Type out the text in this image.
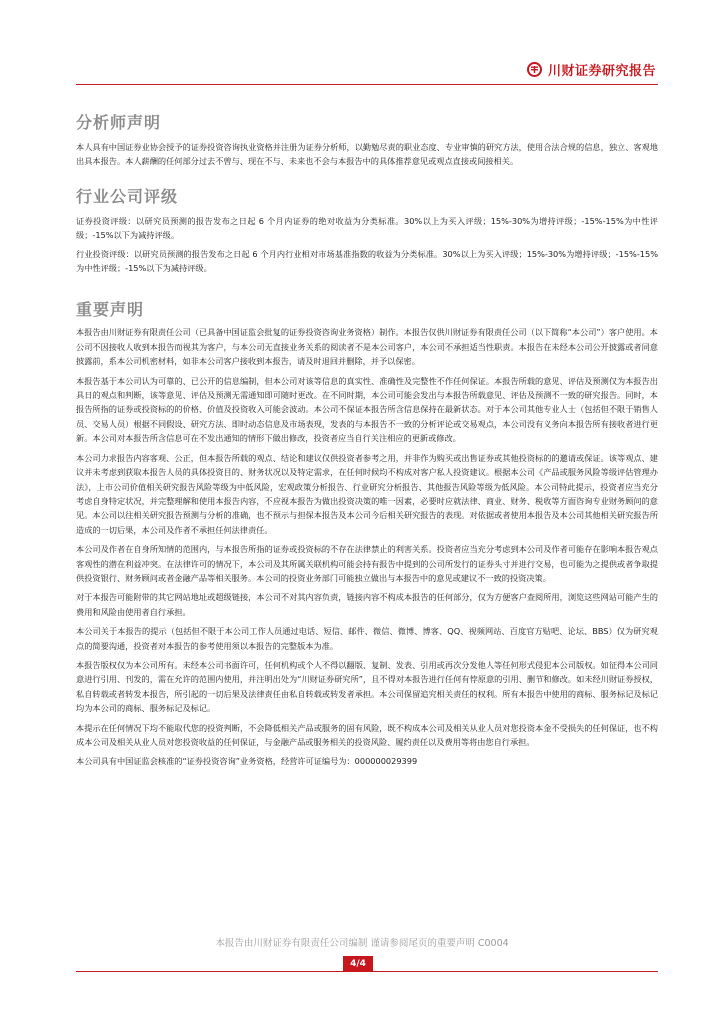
川财证券研究报告
分析师声明

本人具有中国证券业协会授予的证券投资咨询执业资格并注册为证券分析师，以勤勉尽责的职业态度、专业审慎的研究方法，使用合法合规的信息，独立、客观地出具本报告。本人薪酬的任何部分过去不曾与、现在不与、未来也不会与本报告中的具体推荐意见或观点直接或间接相关。

行业公司评级

证券投资评级：以研究员预测的报告发布之日起 6 个月内证券的绝对收益为分类标准。30%以上为买入评级；15%-30%为增持评级；-15%-15%为中性评级；-15%以下为减持评级。

行业投资评级：以研究员预测的报告发布之日起 6 个月内行业相对市场基准指数的收益为分类标准。30%以上为买入评级；15%-30%为增持评级；-15%-15%为中性评级；-15%以下为减持评级。

重要声明

本报告由川财证券有限责任公司（已具备中国证监会批复的证券投资咨询业务资格）制作。本报告仅供川财证券有限责任公司（以下简称“本公司”）客户使用。本公司不因接收人收到本报告而视其为客户，与本公司无直接业务关系的阅读者不是本公司客户，本公司不承担适当性职责。本报告在未经本公司公开披露或者同意披露前，系本公司机密材料，如非本公司客户接收到本报告，请及时退回并删除，并予以保密。

本报告基于本公司认为可靠的、已公开的信息编制，但本公司对该等信息的真实性、准确性及完整性不作任何保证。本报告所载的意见、评估及预测仅为本报告出具日的观点和判断，该等意见、评估及预测无需通知即可随时更改。在不同时期，本公司可能会发出与本报告所载意见、评估及预测不一致的研究报告。同时，本报告所指的证券或投资标的的价格、价值及投资收入可能会波动。本公司不保证本报告所含信息保持在最新状态。对于本公司其他专业人士（包括但不限于销售人员、交易人员）根据不同假设、研究方法、即时动态信息及市场表现，发表的与本报告不一致的分析评论或交易观点，本公司没有义务向本报告所有接收者进行更新。本公司对本报告所含信息可在不发出通知的情形下做出修改，投资者应当自行关注相应的更新或修改。

本公司力求报告内容客观、公正，但本报告所载的观点、结论和建议仅供投资者参考之用，并非作为购买或出售证券或其他投资标的的邀请或保证。该等观点、建议并未考虑到获取本报告人员的具体投资目的、财务状况以及特定需求，在任何时候均不构成对客户私人投资建议。根据本公司《产品或服务风险等级评估管理办法》，上市公司价值相关研究报告风险等级为中低风险，宏观政策分析报告、行业研究分析报告、其他报告风险等级为低风险。本公司特此提示，投资者应当充分考虑自身特定状况，并完整理解和使用本报告内容，不应视本报告为做出投资决策的唯一因素，必要时应就法律、商业、财务、税收等方面咨询专业财务顾问的意见。本公司以往相关研究报告预测与分析的准确，也不预示与担保本报告及本公司今后相关研究报告的表现。对依据或者使用本报告及本公司其他相关研究报告所造成的一切后果，本公司及作者不承担任何法律责任。

本公司及作者在自身所知情的范围内，与本报告所指的证券或投资标的不存在法律禁止的利害关系。投资者应当充分考虑到本公司及作者可能存在影响本报告观点客观性的潜在利益冲突。在法律许可的情况下，本公司及其所属关联机构可能会持有报告中提到的公司所发行的证券头寸并进行交易，也可能为之提供或者争取提供投资银行、财务顾问或者金融产品等相关服务。本公司的投资业务部门可能独立做出与本报告中的意见或建议不一致的投资决策。

对于本报告可能附带的其它网站地址或超级链接，本公司不对其内容负责，链接内容不构成本报告的任何部分，仅为方便客户查阅所用，浏览这些网站可能产生的费用和风险由使用者自行承担。

本公司关于本报告的提示（包括但不限于本公司工作人员通过电话、短信、邮件、微信、微博、博客、QQ、视频网站、百度官方贴吧、论坛、BBS）仅为研究观点的简要沟通，投资者对本报告的参考使用须以本报告的完整版本为准。

本报告版权仅为本公司所有。未经本公司书面许可，任何机构或个人不得以翻版、复制、发表、引用或再次分发他人等任何形式侵犯本公司版权。如征得本公司同意进行引用、刊发的，需在允许的范围内使用，并注明出处为“川财证券研究所”，且不得对本报告进行任何有悖原意的引用、删节和修改。如未经川财证券授权，私自转载或者转发本报告，所引起的一切后果及法律责任由私自转载或转发者承担。本公司保留追究相关责任的权利。所有本报告中使用的商标、服务标记及标记均为本公司的商标、服务标记及标记。

本提示在任何情况下均不能取代您的投资判断，不会降低相关产品或服务的固有风险，既不构成本公司及相关从业人员对您投资本金不受损失的任何保证，也不构成本公司及相关从业人员对您投资收益的任何保证，与金融产品或服务相关的投资风险、履约责任以及费用等将由您自行承担。

本公司具有中国证监会核准的“证券投资咨询”业务资格，经营许可证编号为：000000029399

本报告由川财证券有限责任公司编制 谨请参阅尾页的重要声明 C0004
4/4
